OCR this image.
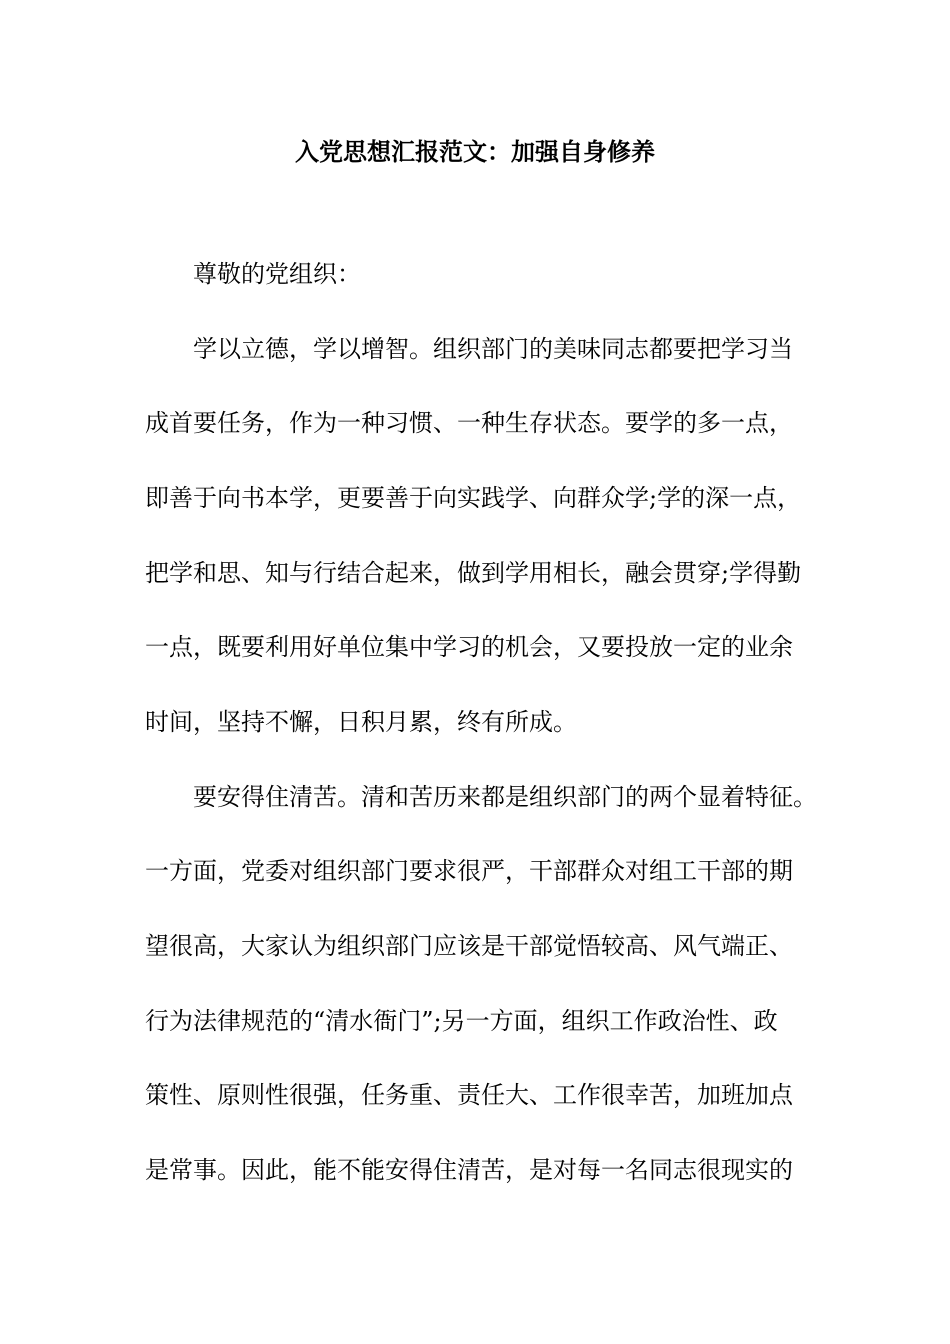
入党思想汇报范文：加强自身修养
尊敬的党组织：
学以立德，学以增智。组织部门的美味同志都要把学习当
成首要任务，作为一种习惯、一种生存状态。要学的多一点，
即善于向书本学，更要善于向实践学、向群众学;学的深一点，
把学和思、知与行结合起来，做到学用相长，融会贯穿;学得勤
一点，既要利用好单位集中学习的机会，又要投放一定的业余
时间，坚持不懈，日积月累，终有所成。
要安得住清苦。清和苦历来都是组织部门的两个显着特征。
一方面，党委对组织部门要求很严，干部群众对组工干部的期
望很高，大家认为组织部门应该是干部觉悟较高、风气端正、
行为法律规范的“清水衙门”;另一方面，组织工作政治性、政
策性、原则性很强，任务重、责任大、工作很幸苦，加班加点
是常事。因此，能不能安得住清苦，是对每一名同志很现实的
